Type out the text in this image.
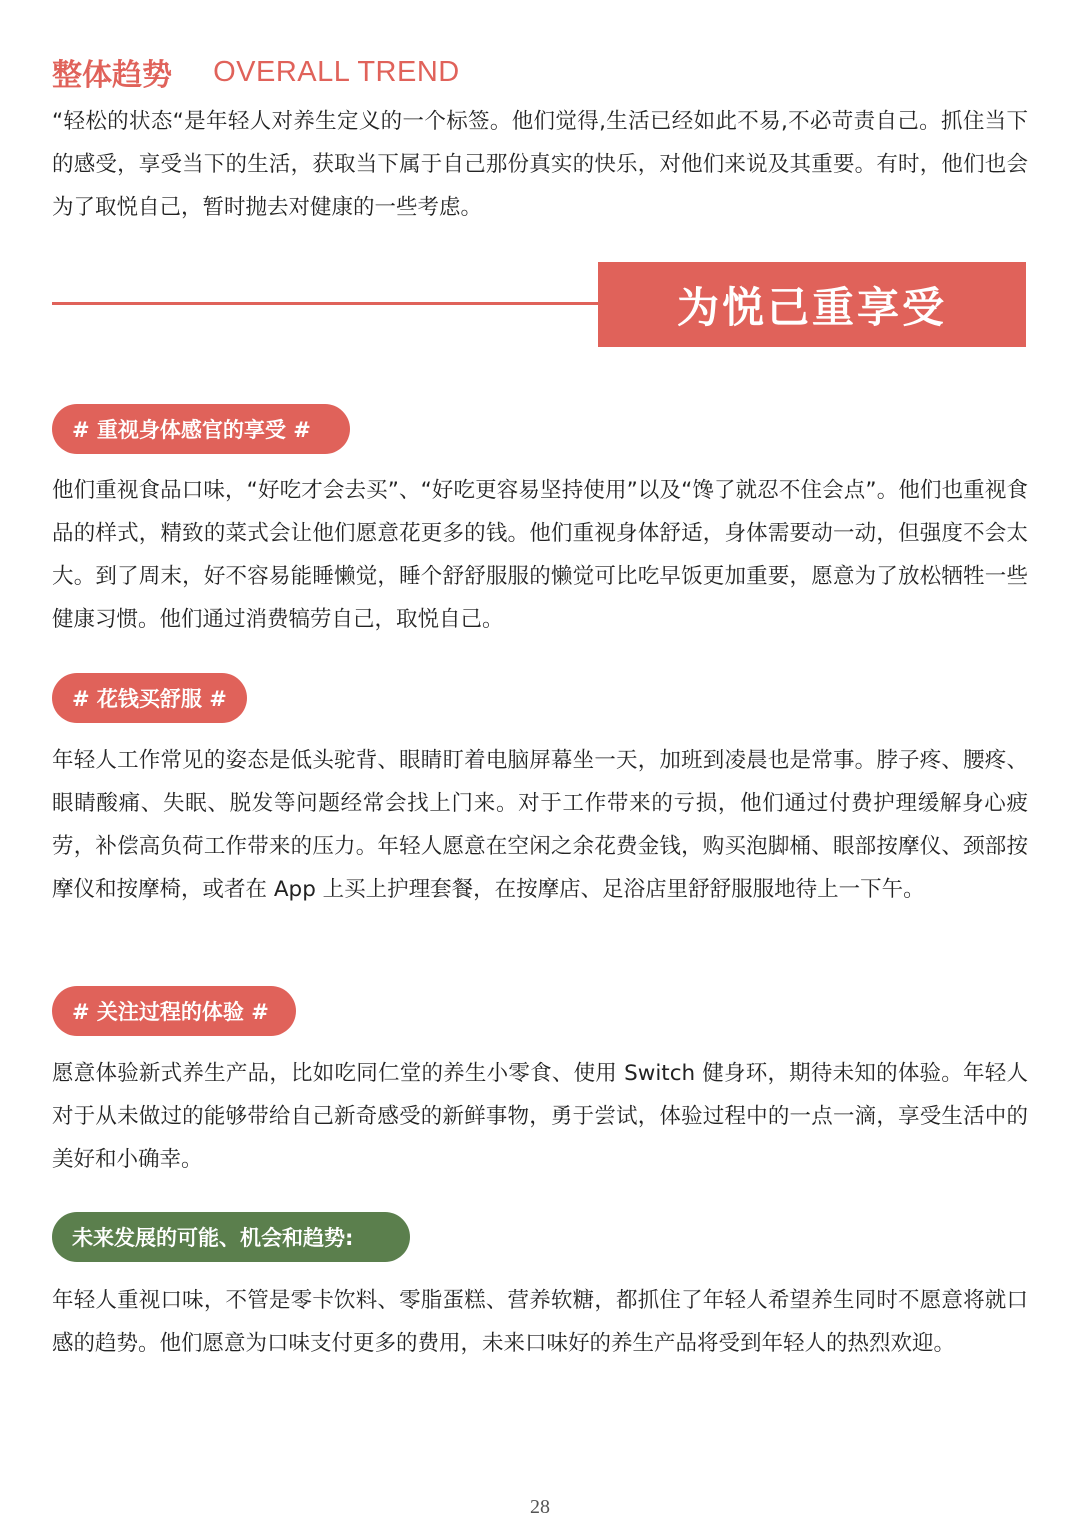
整体趋势 OVERALL TREND

“轻松的状态“是年轻人对养生定义的一个标签。他们觉得,生活已经如此不易,不必苛责自己。抓住当下的感受，享受当下的生活，获取当下属于自己那份真实的快乐，对他们来说及其重要。有时，他们也会为了取悦自己，暂时抛去对健康的一些考虑。

为悦己重享受
# 重视身体感官的享受 #

他们重视食品口味，“好吃才会去买”、“好吃更容易坚持使用”以及“馋了就忍不住会点”。他们也重视食品的样式，精致的菜式会让他们愿意花更多的钱。他们重视身体舒适，身体需要动一动，但强度不会太大。到了周末，好不容易能睡懒觉，睡个舒舒服服的懒觉可比吃早饭更加重要，愿意为了放松牺牲一些健康习惯。他们通过消费犒劳自己，取悦自己。

# 花钱买舒服 #

年轻人工作常见的姿态是低头驼背、眼睛盯着电脑屏幕坐一天，加班到凌晨也是常事。脖子疼、腰疼、眼睛酸痛、失眠、脱发等问题经常会找上门来。对于工作带来的亏损，他们通过付费护理缓解身心疲劳，补偿高负荷工作带来的压力。年轻人愿意在空闲之余花费金钱，购买泡脚桶、眼部按摩仪、颈部按摩仪和按摩椅，或者在 App 上买上护理套餐，在按摩店、足浴店里舒舒服服地待上一下午。

# 关注过程的体验 #

愿意体验新式养生产品，比如吃同仁堂的养生小零食、使用 Switch 健身环，期待未知的体验。年轻人对于从未做过的能够带给自己新奇感受的新鲜事物，勇于尝试，体验过程中的一点一滴，享受生活中的美好和小确幸。

未来发展的可能、机会和趋势:

年轻人重视口味，不管是零卡饮料、零脂蛋糕、营养软糖，都抓住了年轻人希望养生同时不愿意将就口感的趋势。他们愿意为口味支付更多的费用，未来口味好的养生产品将受到年轻人的热烈欢迎。

28
